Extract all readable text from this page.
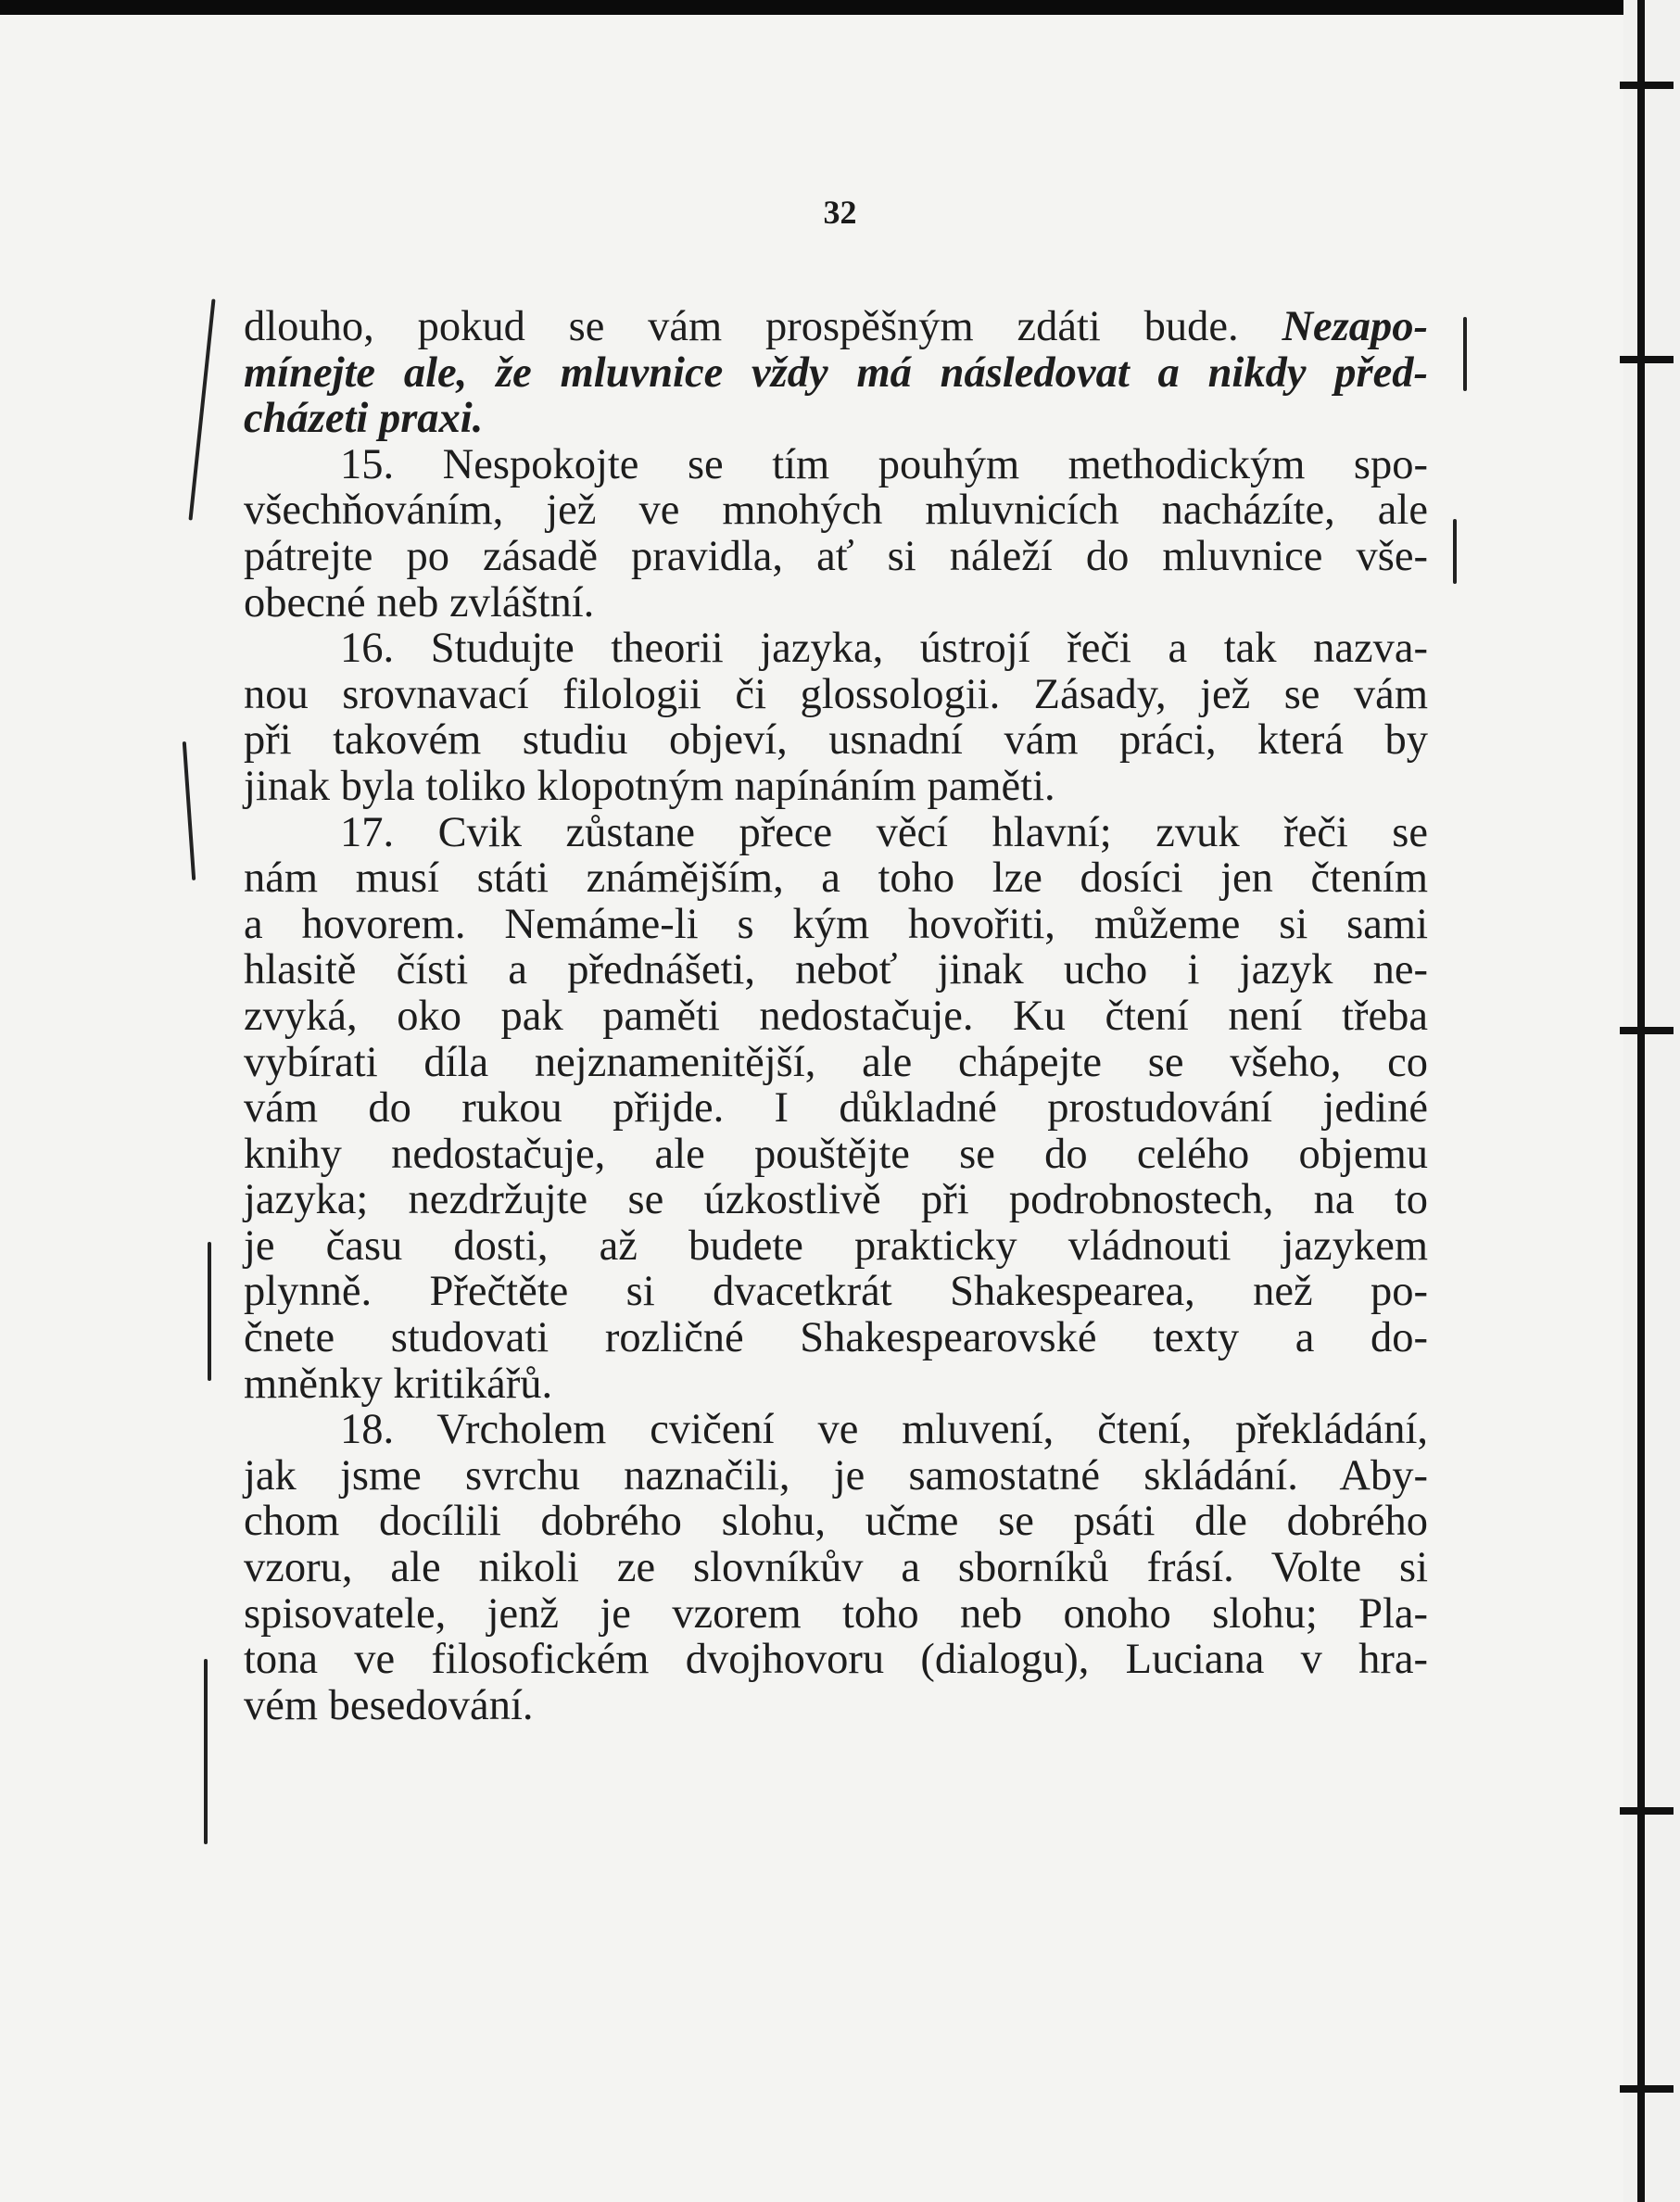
32
dlouho, pokud se vám prospěšným zdáti bude. Nezapo-
mínejte ale, že mluvnice vždy má následovat a nikdy před-
cházeti praxi.
15. Nespokojte se tím pouhým methodickým spo-
všechňováním, jež ve mnohých mluvnicích nacházíte, ale
pátrejte po zásadě pravidla, ať si náleží do mluvnice vše-
obecné neb zvláštní.
16. Studujte theorii jazyka, ústrojí řeči a tak nazva-
nou srovnavací filologii či glossologii. Zásady, jež se vám
při takovém studiu objeví, usnadní vám práci, která by
jinak byla toliko klopotným napínáním paměti.
17. Cvik zůstane přece věcí hlavní; zvuk řeči se
nám musí státi známějším, a toho lze dosíci jen čtením
a hovorem. Nemáme-li s kým hovořiti, můžeme si sami
hlasitě čísti a přednášeti, neboť jinak ucho i jazyk ne-
zvyká, oko pak paměti nedostačuje. Ku čtení není třeba
vybírati díla nejznamenitější, ale chápejte se všeho, co
vám do rukou přijde. I důkladné prostudování jediné
knihy nedostačuje, ale pouštějte se do celého objemu
jazyka; nezdržujte se úzkostlivě při podrobnostech, na to
je času dosti, až budete prakticky vládnouti jazykem
plynně. Přečtěte si dvacetkrát Shakespearea, než po-
čnete studovati rozličné Shakespearovské texty a do-
mněnky kritikářů.
18. Vrcholem cvičení ve mluvení, čtení, překládání,
jak jsme svrchu naznačili, je samostatné skládání. Aby-
chom docílili dobrého slohu, učme se psáti dle dobrého
vzoru, ale nikoli ze slovníkův a sborníků frásí. Volte si
spisovatele, jenž je vzorem toho neb onoho slohu; Pla-
tona ve filosofickém dvojhovoru (dialogu), Luciana v hra-
vém besedování.
